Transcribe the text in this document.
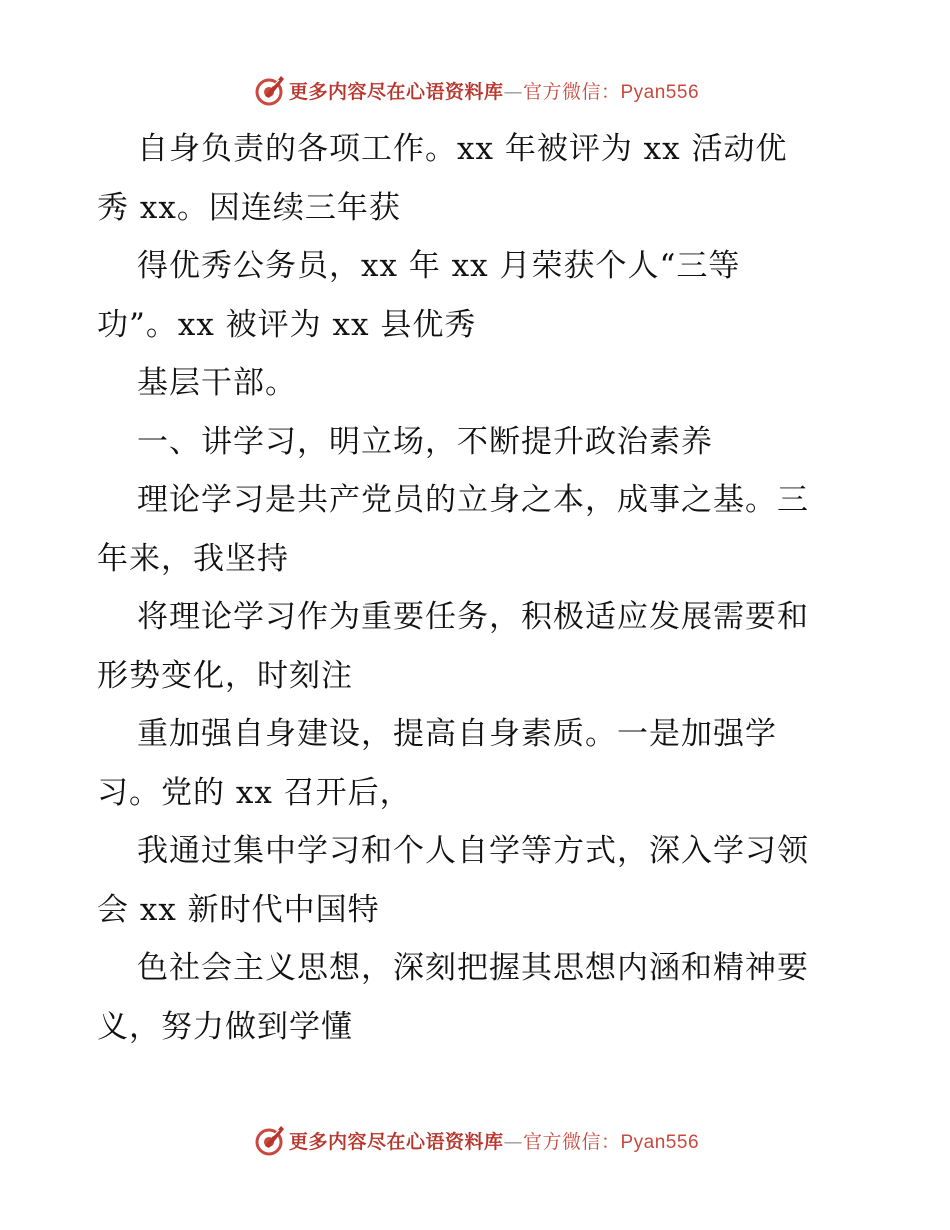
更多内容尽在心语资料库—官方微信：Pyan556
自身负责的各项工作。xx 年被评为 xx 活动优
秀 xx。因连续三年获
得优秀公务员，xx 年 xx 月荣获个人“三等
功”。xx 被评为 xx 县优秀
基层干部。
一、讲学习，明立场，不断提升政治素养
理论学习是共产党员的立身之本，成事之基。三
年来，我坚持
将理论学习作为重要任务，积极适应发展需要和
形势变化，时刻注
重加强自身建设，提高自身素质。一是加强学
习。党的 xx 召开后，
我通过集中学习和个人自学等方式，深入学习领
会 xx 新时代中国特
色社会主义思想，深刻把握其思想内涵和精神要
义，努力做到学懂
更多内容尽在心语资料库—官方微信：Pyan556
